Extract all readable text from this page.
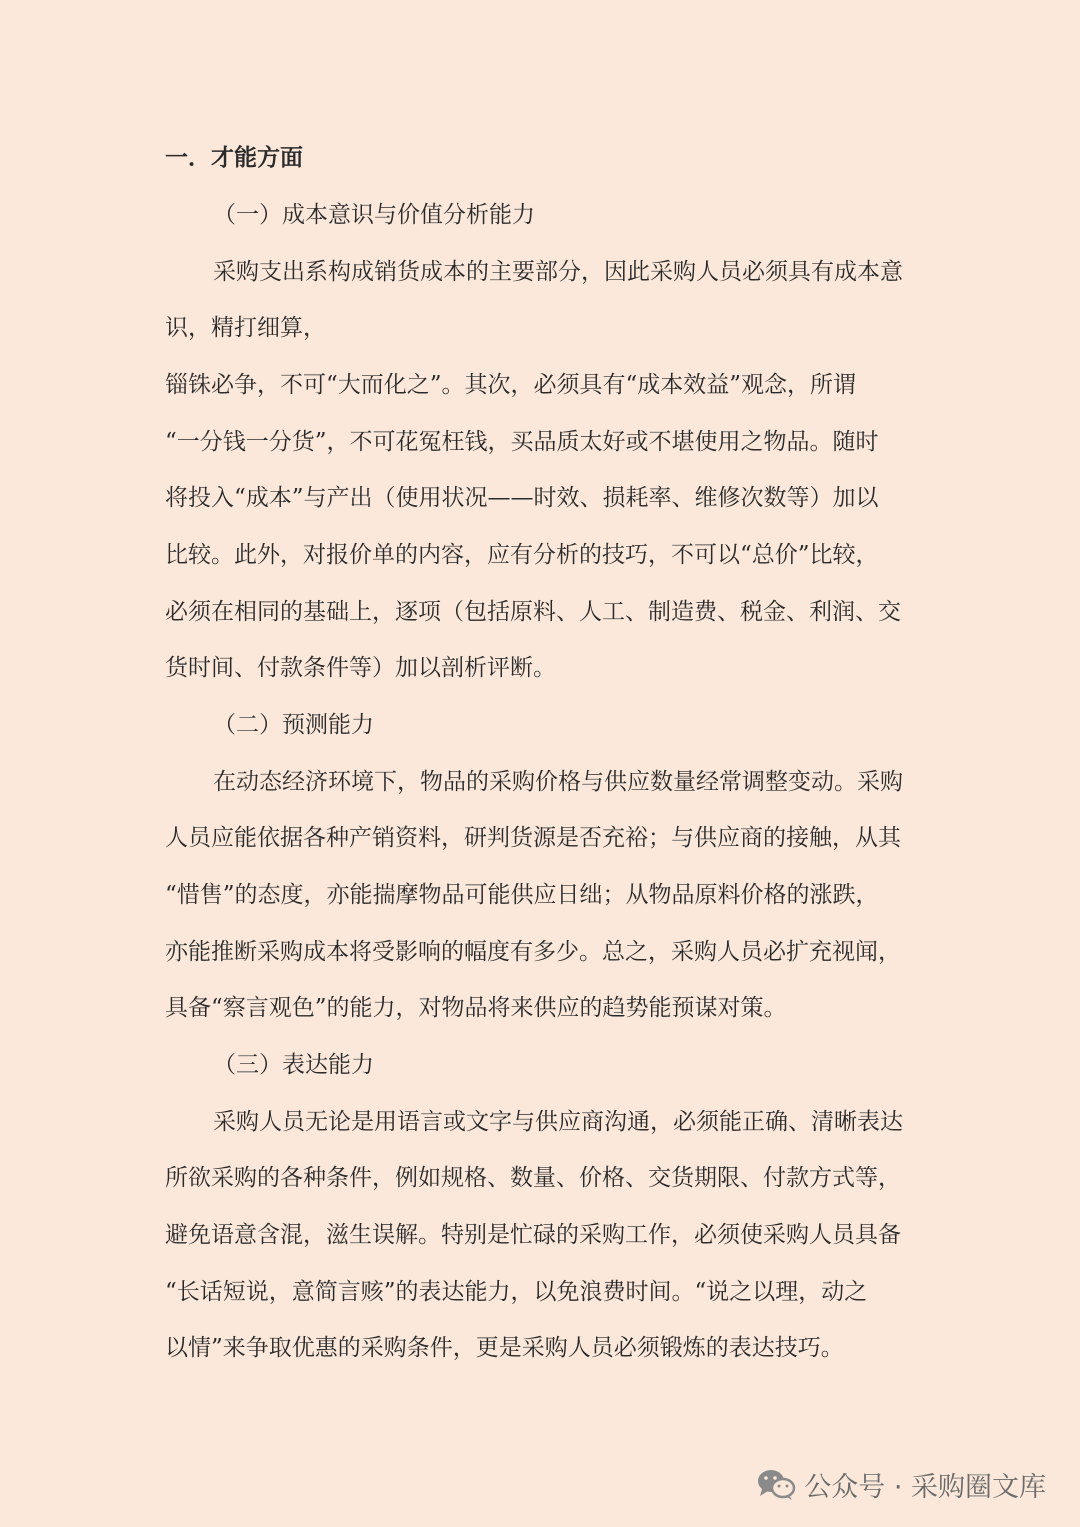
一．才能方面
（一）成本意识与价值分析能力
采购支出系构成销货成本的主要部分，因此采购人员必须具有成本意
识，精打细算，
锱铢必争，不可“大而化之”。其次，必须具有“成本效益”观念，所谓
“一分钱一分货”，不可花冤枉钱，买品质太好或不堪使用之物品。随时
将投入“成本”与产出（使用状况——时效、损耗率、维修次数等）加以
比较。此外，对报价单的内容，应有分析的技巧，不可以“总价”比较，
必须在相同的基础上，逐项（包括原料、人工、制造费、税金、利润、交
货时间、付款条件等）加以剖析评断。
（二）预测能力
在动态经济环境下，物品的采购价格与供应数量经常调整变动。采购
人员应能依据各种产销资料，研判货源是否充裕；与供应商的接触，从其
“惜售”的态度，亦能揣摩物品可能供应日绌；从物品原料价格的涨跌，
亦能推断采购成本将受影响的幅度有多少。总之，采购人员必扩充视闻，
具备“察言观色”的能力，对物品将来供应的趋势能预谋对策。
（三）表达能力
采购人员无论是用语言或文字与供应商沟通，必须能正确、清晰表达
所欲采购的各种条件，例如规格、数量、价格、交货期限、付款方式等，
避免语意含混，滋生误解。特别是忙碌的采购工作，必须使采购人员具备
“长话短说，意简言赅”的表达能力，以免浪费时间。“说之以理，动之
以情”来争取优惠的采购条件，更是采购人员必须锻炼的表达技巧。
公众号 · 采购圈文库
